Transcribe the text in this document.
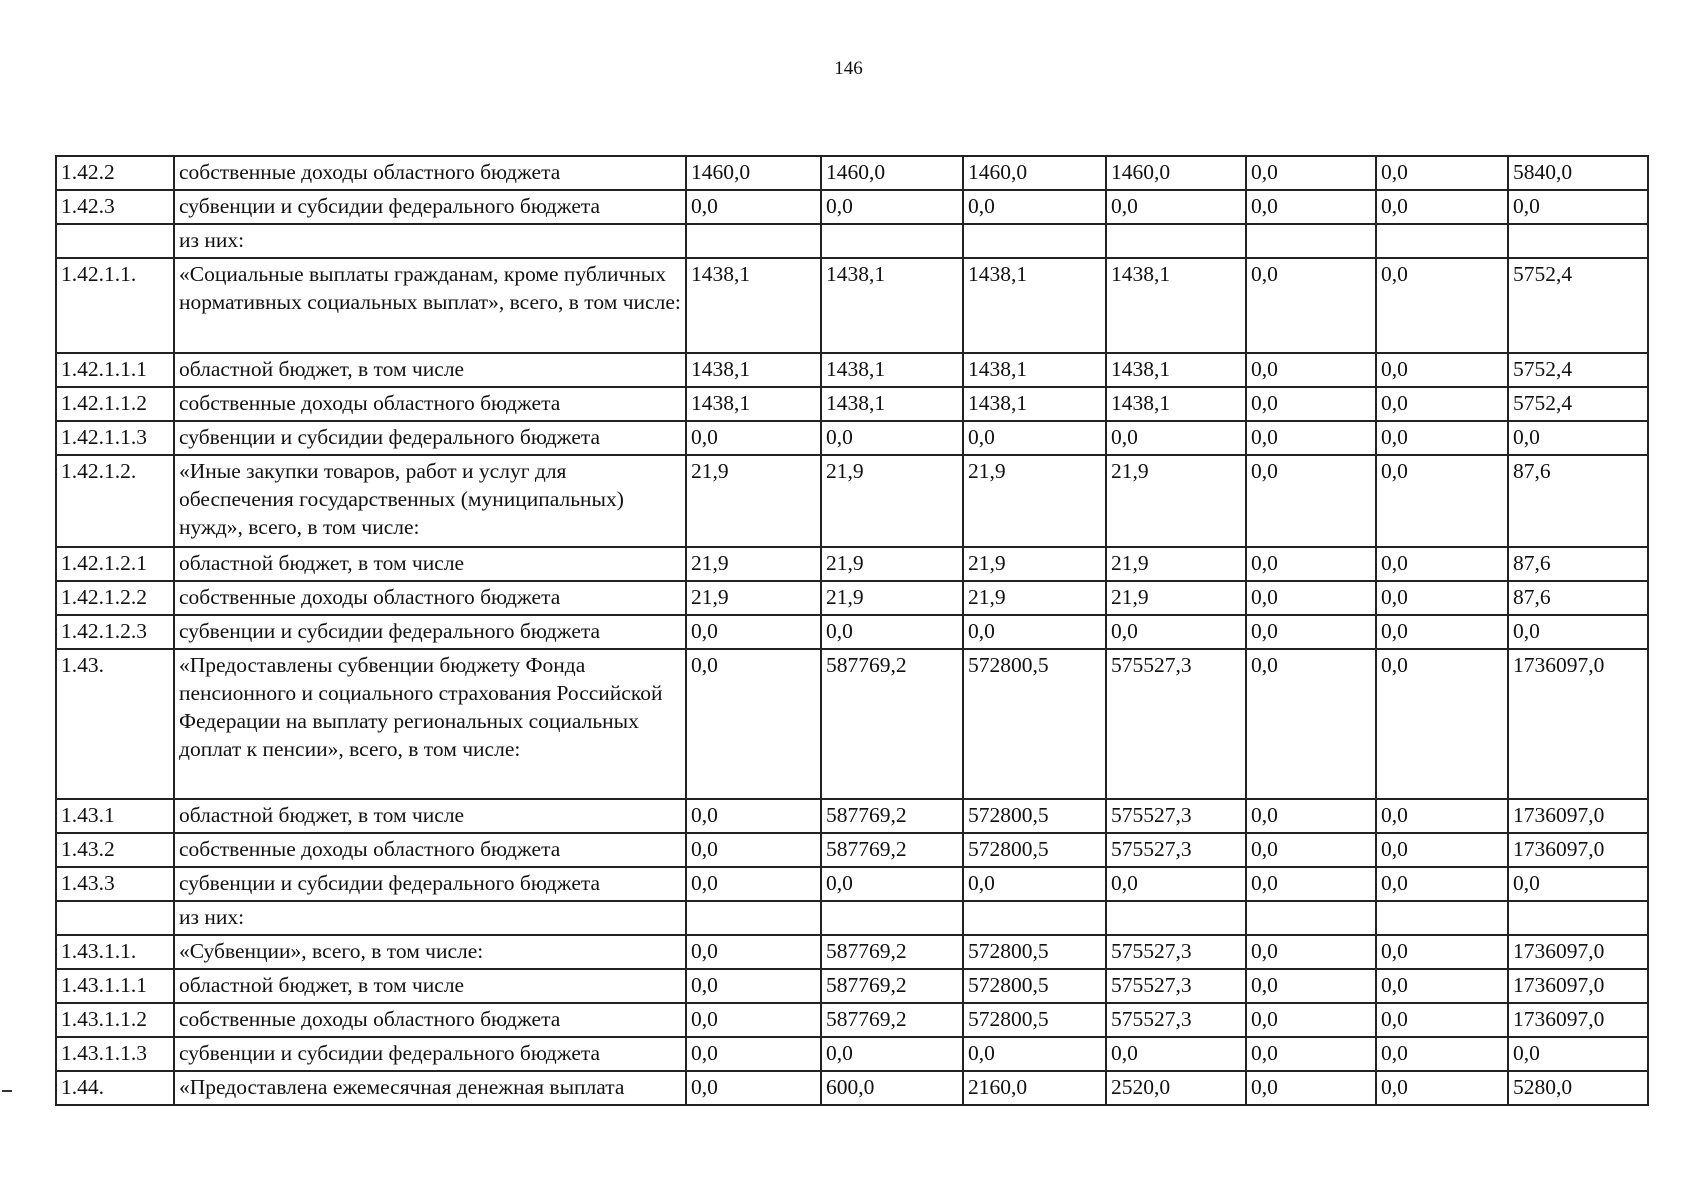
146
1.42.2	собственные доходы областного бюджета	1460,0	1460,0	1460,0	1460,0	0,0	0,0	5840,0
1.42.3	субвенции и субсидии федерального бюджета	0,0	0,0	0,0	0,0	0,0	0,0	0,0
	из них:							
1.42.1.1.	«Социальные выплаты гражданам, кроме публичных нормативных социальных выплат», всего, в том числе:	1438,1	1438,1	1438,1	1438,1	0,0	0,0	5752,4
1.42.1.1.1	областной бюджет, в том числе	1438,1	1438,1	1438,1	1438,1	0,0	0,0	5752,4
1.42.1.1.2	собственные доходы областного бюджета	1438,1	1438,1	1438,1	1438,1	0,0	0,0	5752,4
1.42.1.1.3	субвенции и субсидии федерального бюджета	0,0	0,0	0,0	0,0	0,0	0,0	0,0
1.42.1.2.	«Иные закупки товаров, работ и услуг для обеспечения государственных (муниципальных) нужд», всего, в том числе:	21,9	21,9	21,9	21,9	0,0	0,0	87,6
1.42.1.2.1	областной бюджет, в том числе	21,9	21,9	21,9	21,9	0,0	0,0	87,6
1.42.1.2.2	собственные доходы областного бюджета	21,9	21,9	21,9	21,9	0,0	0,0	87,6
1.42.1.2.3	субвенции и субсидии федерального бюджета	0,0	0,0	0,0	0,0	0,0	0,0	0,0
1.43.	«Предоставлены субвенции бюджету Фонда пенсионного и социального страхования Российской Федерации на выплату региональных социальных доплат к пенсии», всего, в том числе:	0,0	587769,2	572800,5	575527,3	0,0	0,0	1736097,0
1.43.1	областной бюджет, в том числе	0,0	587769,2	572800,5	575527,3	0,0	0,0	1736097,0
1.43.2	собственные доходы областного бюджета	0,0	587769,2	572800,5	575527,3	0,0	0,0	1736097,0
1.43.3	субвенции и субсидии федерального бюджета	0,0	0,0	0,0	0,0	0,0	0,0	0,0
	из них:							
1.43.1.1.	«Субвенции», всего, в том числе:	0,0	587769,2	572800,5	575527,3	0,0	0,0	1736097,0
1.43.1.1.1	областной бюджет, в том числе	0,0	587769,2	572800,5	575527,3	0,0	0,0	1736097,0
1.43.1.1.2	собственные доходы областного бюджета	0,0	587769,2	572800,5	575527,3	0,0	0,0	1736097,0
1.43.1.1.3	субвенции и субсидии федерального бюджета	0,0	0,0	0,0	0,0	0,0	0,0	0,0
1.44.	«Предоставлена ежемесячная денежная выплата	0,0	600,0	2160,0	2520,0	0,0	0,0	5280,0
